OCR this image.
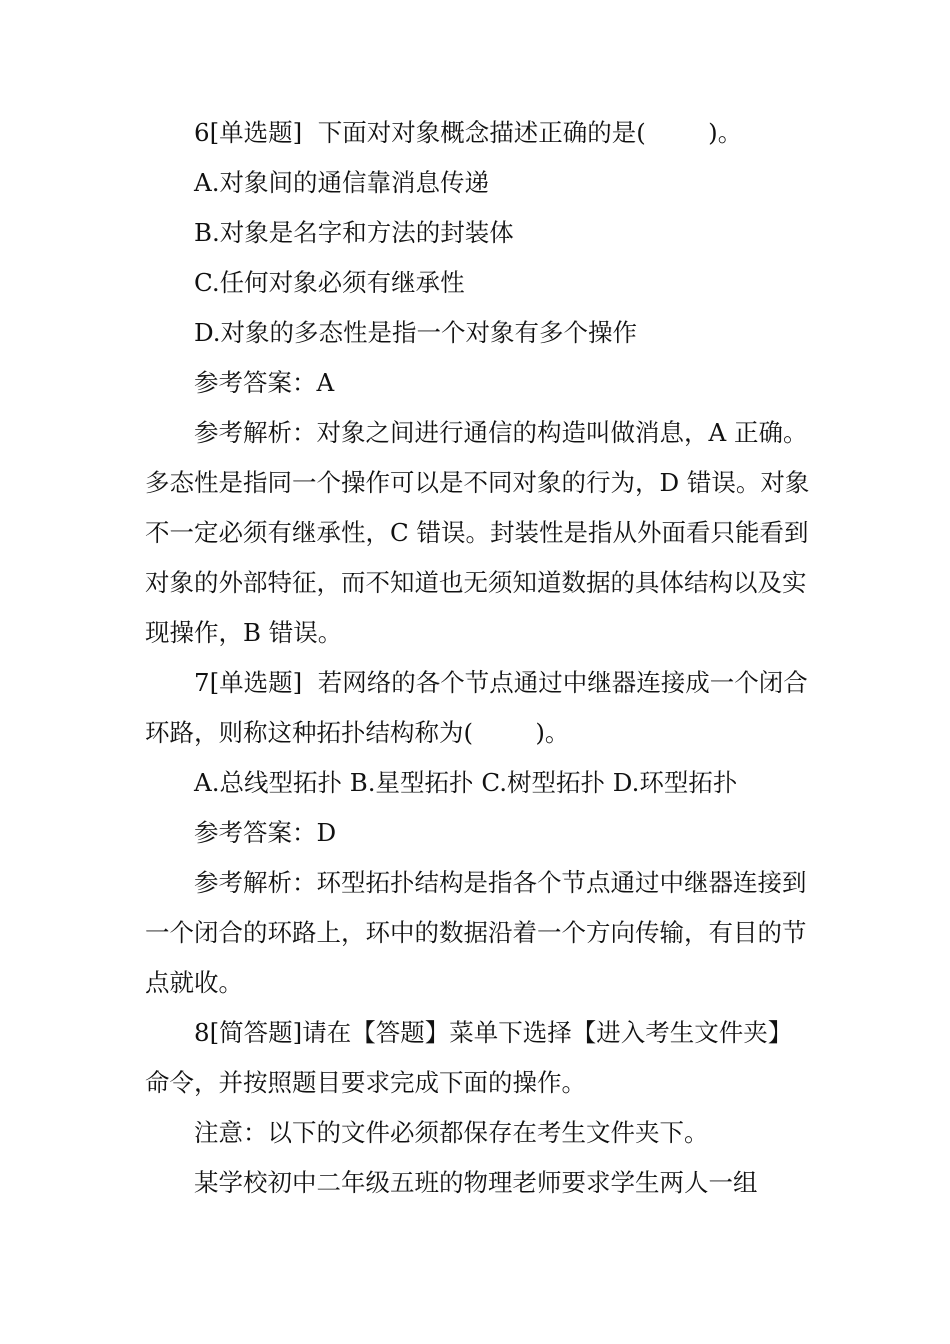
6[单选题]  下面对对象概念描述正确的是(        )。

A.对象间的通信靠消息传递

B.对象是名字和方法的封装体

C.任何对象必须有继承性

D.对象的多态性是指一个对象有多个操作

参考答案：A

参考解析：对象之间进行通信的构造叫做消息，A 正确。多态性是指同一个操作可以是不同对象的行为，D 错误。对象不一定必须有继承性，C 错误。封装性是指从外面看只能看到对象的外部特征，而不知道也无须知道数据的具体结构以及实现操作，B 错误。

7[单选题]  若网络的各个节点通过中继器连接成一个闭合环路，则称这种拓扑结构称为(        )。

A.总线型拓扑 B.星型拓扑 C.树型拓扑 D.环型拓扑

参考答案：D

参考解析：环型拓扑结构是指各个节点通过中继器连接到一个闭合的环路上，环中的数据沿着一个方向传输，有目的节点就收。

8[简答题]请在【答题】菜单下选择【进入考生文件夹】命令，并按照题目要求完成下面的操作。

注意：以下的文件必须都保存在考生文件夹下。

某学校初中二年级五班的物理老师要求学生两人一组
